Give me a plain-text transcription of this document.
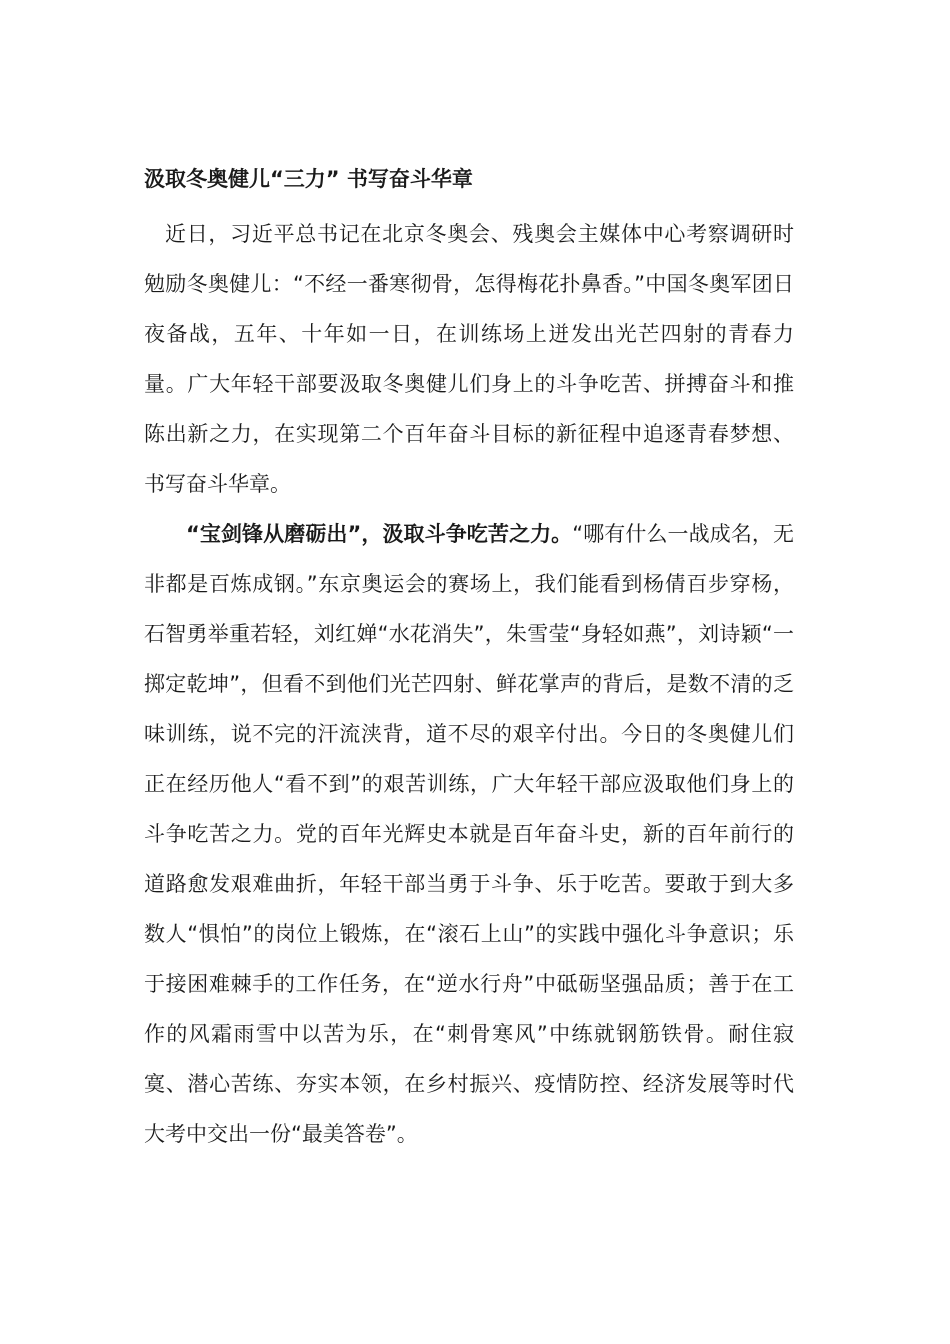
汲取冬奥健儿“三力” 书写奋斗华章

近日，习近平总书记在北京冬奥会、残奥会主媒体中心考察调研时勉励冬奥健儿：“不经一番寒彻骨，怎得梅花扑鼻香。”中国冬奥军团日夜备战，五年、十年如一日，在训练场上迸发出光芒四射的青春力量。广大年轻干部要汲取冬奥健儿们身上的斗争吃苦、拼搏奋斗和推陈出新之力，在实现第二个百年奋斗目标的新征程中追逐青春梦想、书写奋斗华章。

“宝剑锋从磨砺出”，汲取斗争吃苦之力。“哪有什么一战成名，无非都是百炼成钢。”东京奥运会的赛场上，我们能看到杨倩百步穿杨，石智勇举重若轻，刘红婵“水花消失”，朱雪莹“身轻如燕”，刘诗颖“一掷定乾坤”，但看不到他们光芒四射、鲜花掌声的背后，是数不清的乏味训练，说不完的汗流浃背，道不尽的艰辛付出。今日的冬奥健儿们正在经历他人“看不到”的艰苦训练，广大年轻干部应汲取他们身上的斗争吃苦之力。党的百年光辉史本就是百年奋斗史，新的百年前行的道路愈发艰难曲折，年轻干部当勇于斗争、乐于吃苦。要敢于到大多数人“惧怕”的岗位上锻炼，在“滚石上山”的实践中强化斗争意识；乐于接困难棘手的工作任务，在“逆水行舟”中砥砺坚强品质；善于在工作的风霜雨雪中以苦为乐，在“刺骨寒风”中练就钢筋铁骨。耐住寂寞、潜心苦练、夯实本领，在乡村振兴、疫情防控、经济发展等时代大考中交出一份“最美答卷”。
